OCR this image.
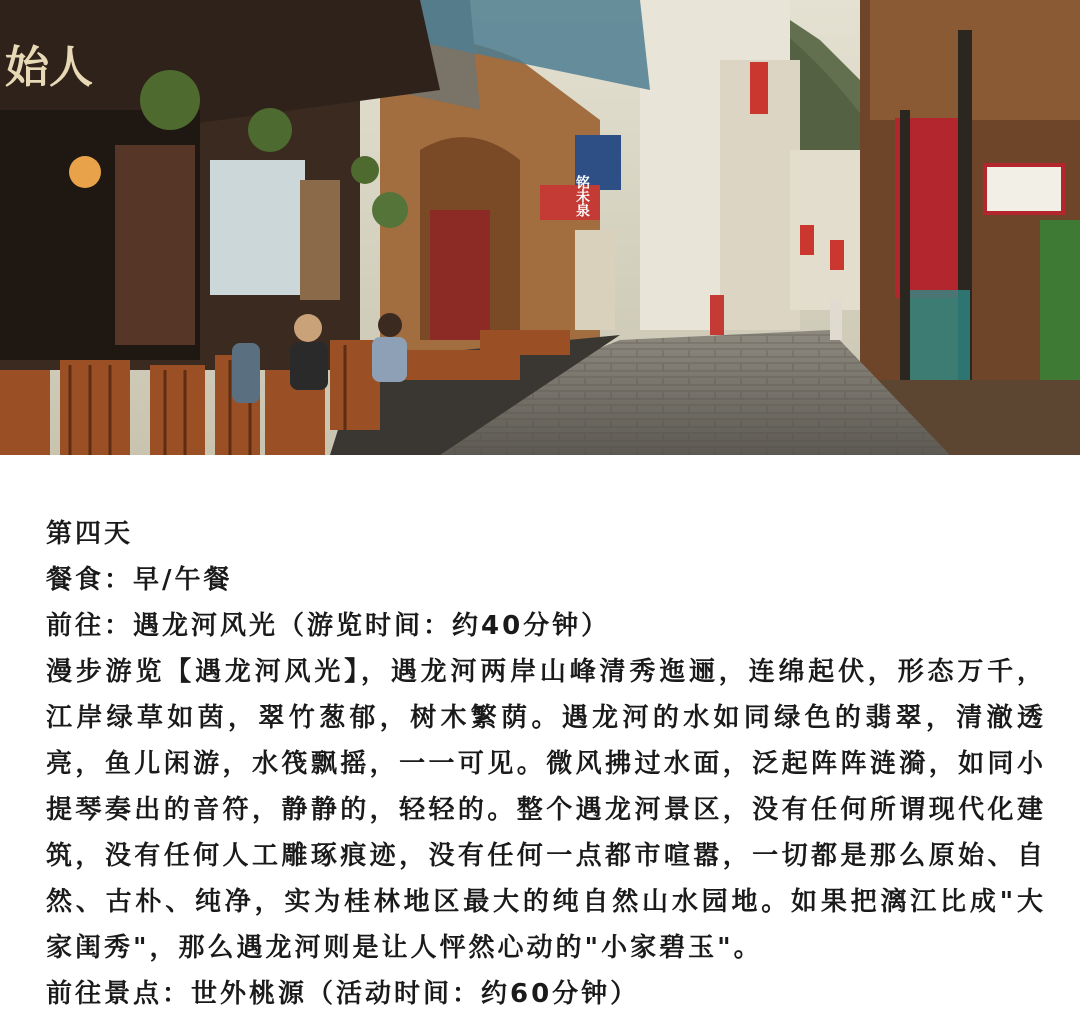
始人
铭未泉

第四天

餐食：早/午餐

前往：遇龙河风光（游览时间：约40分钟）

漫步游览【遇龙河风光】，遇龙河两岸山峰清秀迤逦，连绵起伏，形态万千，江岸绿草如茵，翠竹葱郁，树木繁荫。遇龙河的水如同绿色的翡翠，清澈透亮，鱼儿闲游，水筏飘摇，一一可见。微风拂过水面，泛起阵阵涟漪，如同小提琴奏出的音符，静静的，轻轻的。整个遇龙河景区，没有任何所谓现代化建筑，没有任何人工雕琢痕迹，没有任何一点都市喧嚣，一切都是那么原始、自然、古朴、纯净，实为桂林地区最大的纯自然山水园地。如果把漓江比成"大家闺秀"，那么遇龙河则是让人怦然心动的"小家碧玉"。

前往景点：世外桃源（活动时间：约60分钟）
